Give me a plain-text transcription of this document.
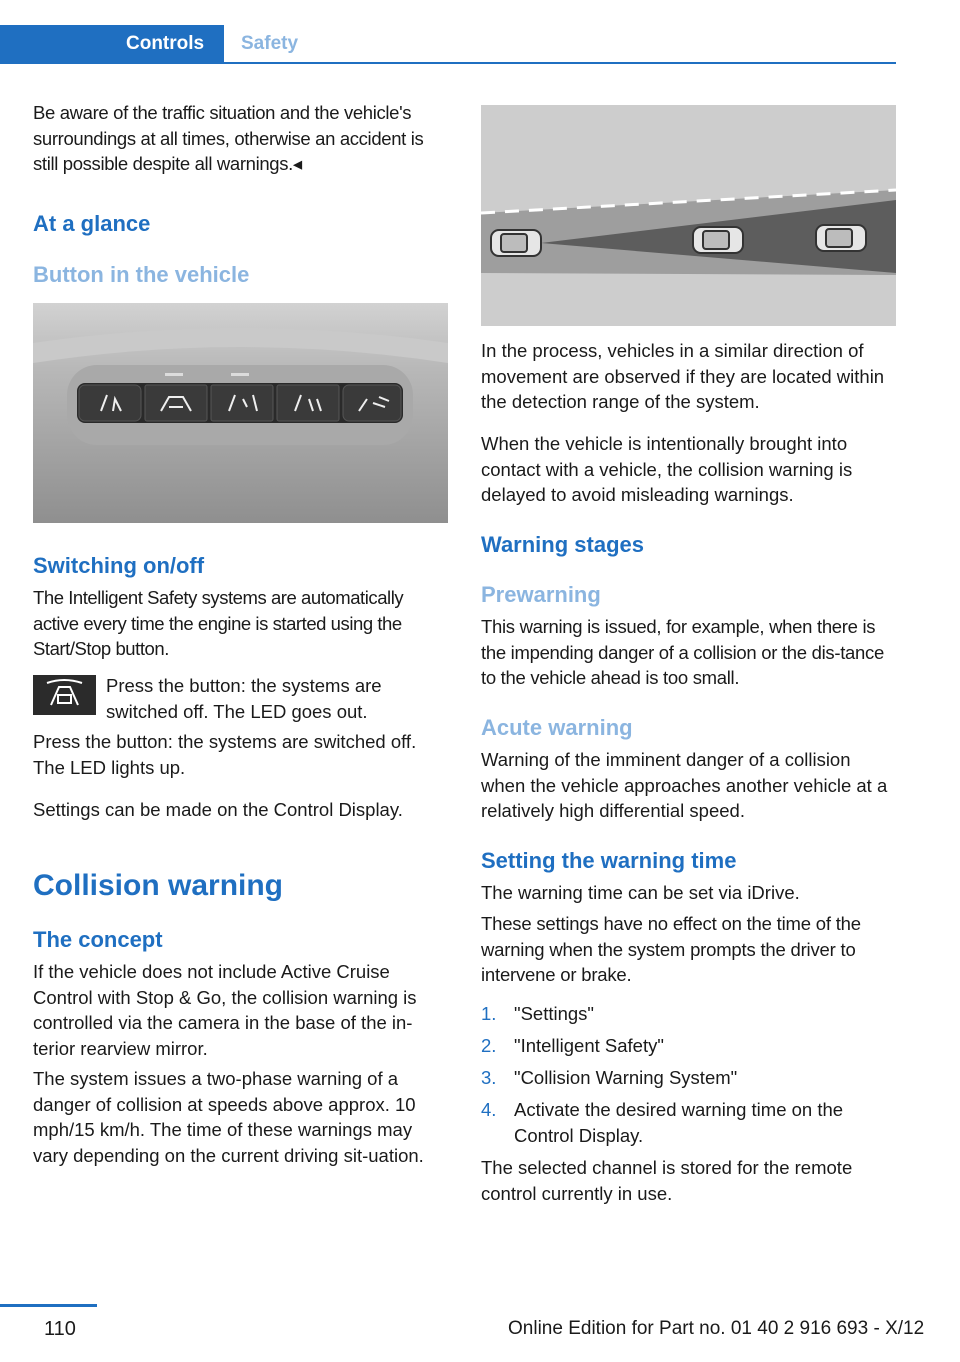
Controls	Safety

Be aware of the traffic situation and the vehicle's surroundings at all times, otherwise an accident is still possible despite all warnings.◂

At a glance
Button in the vehicle
Switching on/off

The Intelligent Safety systems are automatically active every time the engine is started using the Start/Stop button.

Press the button: the systems are switched off. The LED goes out.

Press the button: the systems are switched off. The LED lights up.

Settings can be made on the Control Display.

Collision warning
The concept

If the vehicle does not include Active Cruise Control with Stop & Go, the collision warning is controlled via the camera in the base of the in-terior rearview mirror.

The system issues a two-phase warning of a danger of collision at speeds above approx. 10 mph/15 km/h. The time of these warnings may vary depending on the current driving sit-uation.

In the process, vehicles in a similar direction of movement are observed if they are located within the detection range of the system.

When the vehicle is intentionally brought into contact with a vehicle, the collision warning is delayed to avoid misleading warnings.

Warning stages
Prewarning

This warning is issued, for example, when there is the impending danger of a collision or the dis-tance to the vehicle ahead is too small.

Acute warning

Warning of the imminent danger of a collision when the vehicle approaches another vehicle at a relatively high differential speed.

Setting the warning time

The warning time can be set via iDrive.

These settings have no effect on the time of the warning when the system prompts the driver to intervene or brake.

1. "Settings"
2. "Intelligent Safety"
3. "Collision Warning System"
4. Activate the desired warning time on the Control Display.

The selected channel is stored for the remote control currently in use.

110	Online Edition for Part no. 01 40 2 916 693 - X/12
